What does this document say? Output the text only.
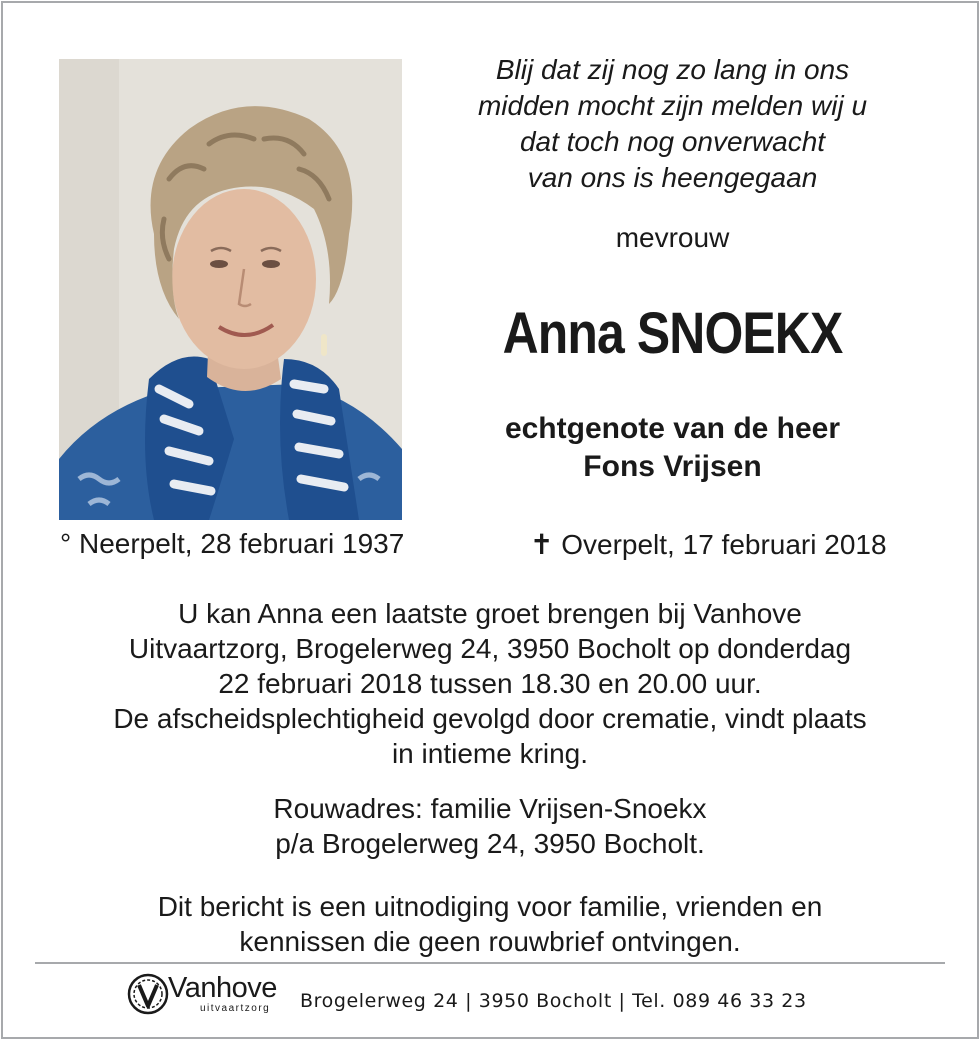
Blij dat zij nog zo lang in ons
midden mocht zijn melden wij u
dat toch nog onverwacht
van ons is heengegaan
mevrouw
Anna SNOEKX
echtgenote van de heer
Fons Vrijsen
° Neerpelt, 28 februari 1937	✝ Overpelt, 17 februari 2018
U kan Anna een laatste groet brengen bij Vanhove
Uitvaartzorg, Brogelerweg 24, 3950 Bocholt op donderdag
22 februari 2018 tussen 18.30 en 20.00 uur.
De afscheidsplechtigheid gevolgd door crematie, vindt plaats
in intieme kring.
Rouwadres: familie Vrijsen-Snoekx
p/a Brogelerweg 24, 3950 Bocholt.
Dit bericht is een uitnodiging voor familie, vrienden en
kennissen die geen rouwbrief ontvingen.
Vanhove
uitvaartzorg Brogelerweg 24 | 3950 Bocholt | Tel. 089 46 33 23
